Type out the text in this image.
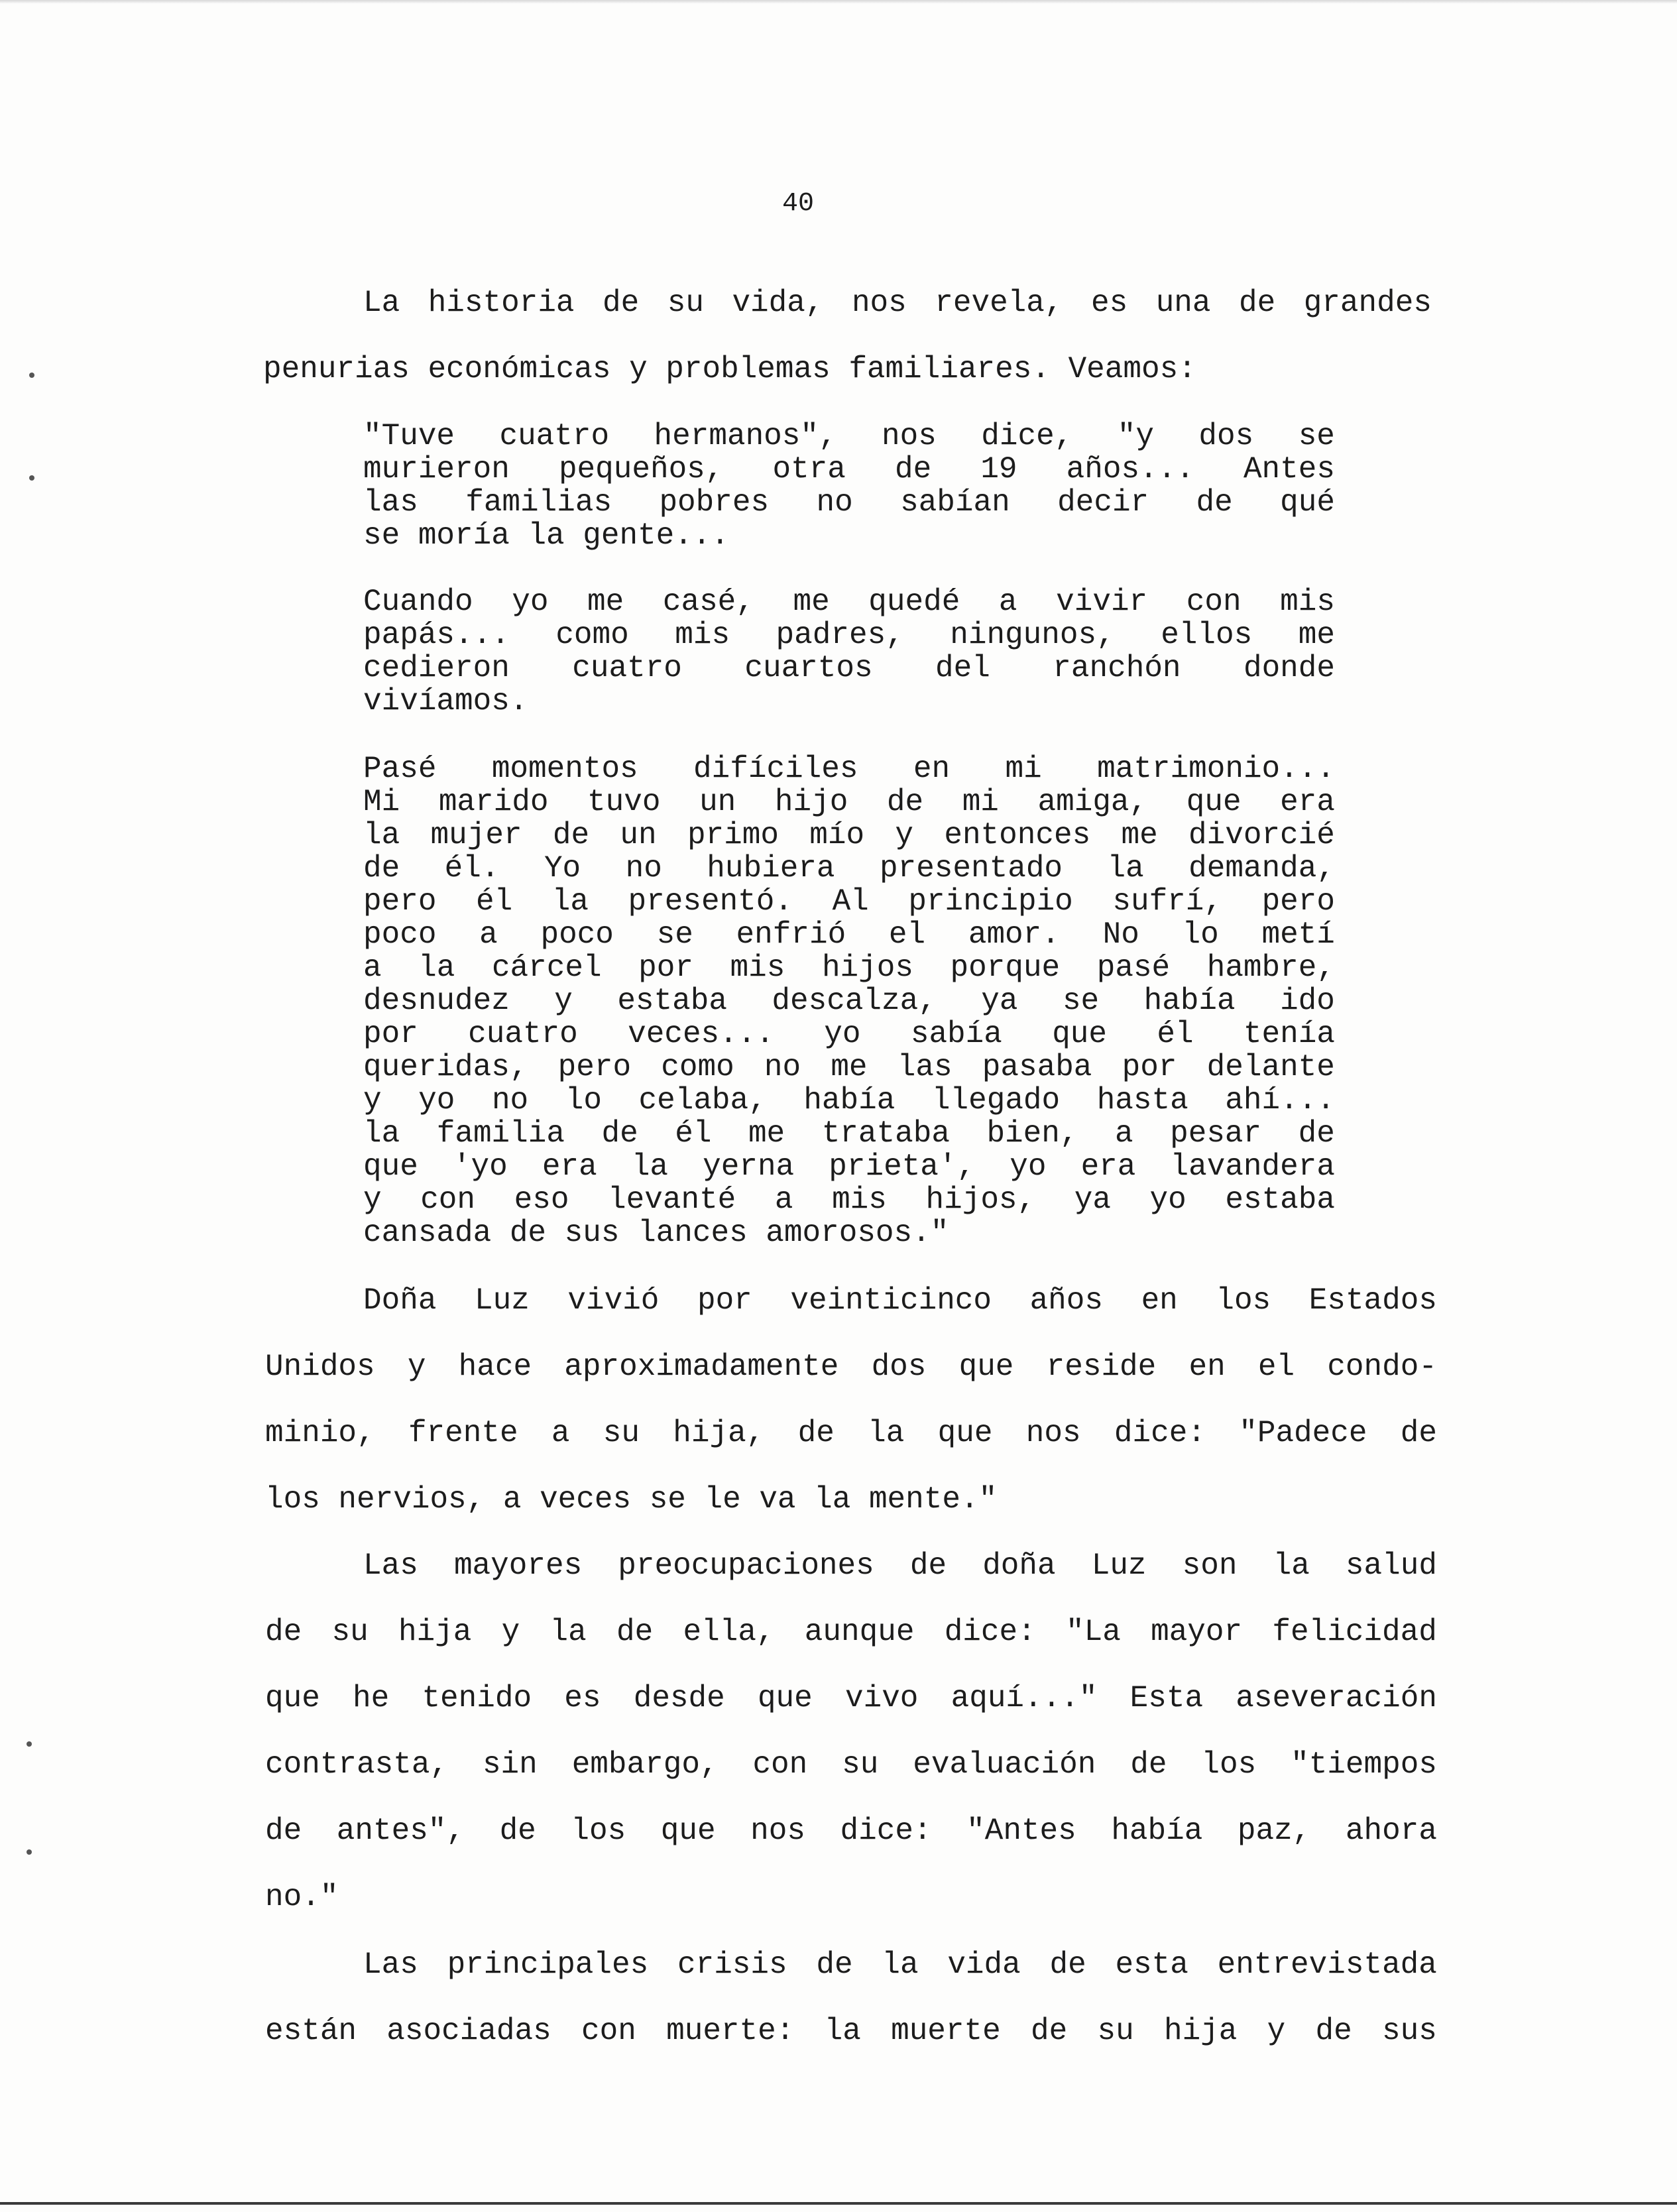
40
La historia de su vida, nos revela, es una de grandes
penurias económicas y problemas familiares. Veamos:
"Tuve cuatro hermanos", nos dice, "y dos se
murieron pequeños, otra de 19 años... Antes
las familias pobres no sabían decir de qué
se moría la gente...
Cuando yo me casé, me quedé a vivir con mis
papás... como mis padres, ningunos, ellos me
cedieron cuatro cuartos del ranchón donde
vivíamos.
Pasé momentos difíciles en mi matrimonio...
Mi marido tuvo un hijo de mi amiga, que era
la mujer de un primo mío y entonces me divorcié
de él. Yo no hubiera presentado la demanda,
pero él la presentó. Al principio sufrí, pero
poco a poco se enfrió el amor. No lo metí
a la cárcel por mis hijos porque pasé hambre,
desnudez y estaba descalza, ya se había ido
por cuatro veces... yo sabía que él tenía
queridas, pero como no me las pasaba por delante
y yo no lo celaba, había llegado hasta ahí...
la familia de él me trataba bien, a pesar de
que 'yo era la yerna prieta', yo era lavandera
y con eso levanté a mis hijos, ya yo estaba
cansada de sus lances amorosos."
Doña Luz vivió por veinticinco años en los Estados
Unidos y hace aproximadamente dos que reside en el condo-
minio, frente a su hija, de la que nos dice: "Padece de
los nervios, a veces se le va la mente."
Las mayores preocupaciones de doña Luz son la salud
de su hija y la de ella, aunque dice: "La mayor felicidad
que he tenido es desde que vivo aquí..." Esta aseveración
contrasta, sin embargo, con su evaluación de los "tiempos
de antes", de los que nos dice: "Antes había paz, ahora
no."
Las principales crisis de la vida de esta entrevistada
están asociadas con muerte: la muerte de su hija y de sus
